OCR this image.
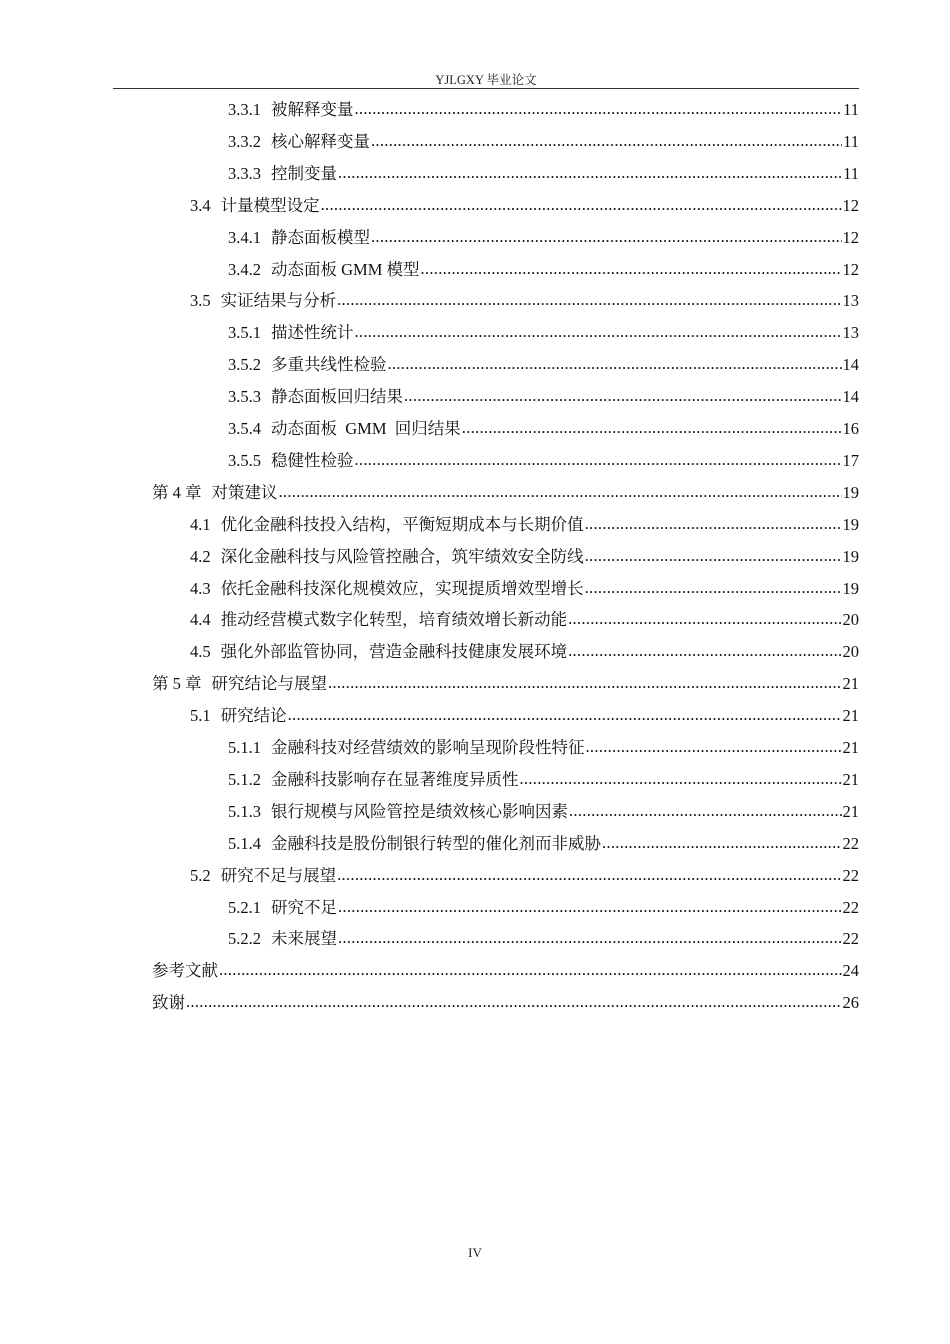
YJLGXY 毕业论文
3.3.1 被解释变量 .....	11
3.3.2 核心解释变量 .....	11
3.3.3 控制变量 .....	11
3.4 计量模型设定 .....	12
3.4.1 静态面板模型 .....	12
3.4.2 动态面板 GMM 模型 .....	12
3.5 实证结果与分析 .....	13
3.5.1 描述性统计 .....	13
3.5.2 多重共线性检验 .....	14
3.5.3 静态面板回归结果 .....	14
3.5.4 动态面板  GMM  回归结果 .....	16
3.5.5 稳健性检验 .....	17
第 4 章 对策建议 .....	19
4.1 优化金融科技投入结构，平衡短期成本与长期价值 .....	19
4.2 深化金融科技与风险管控融合，筑牢绩效安全防线 .....	19
4.3 依托金融科技深化规模效应，实现提质增效型增长 .....	19
4.4 推动经营模式数字化转型，培育绩效增长新动能 .....	20
4.5 强化外部监管协同，营造金融科技健康发展环境 .....	20
第 5 章 研究结论与展望 .....	21
5.1 研究结论 .....	21
5.1.1 金融科技对经营绩效的影响呈现阶段性特征 .....	21
5.1.2 金融科技影响存在显著维度异质性 .....	21
5.1.3 银行规模与风险管控是绩效核心影响因素 .....	21
5.1.4 金融科技是股份制银行转型的催化剂而非威胁 .....	22
5.2 研究不足与展望 .....	22
5.2.1 研究不足 .....	22
5.2.2 未来展望 .....	22
参考文献 .....	24
致谢 .....	26
IV
